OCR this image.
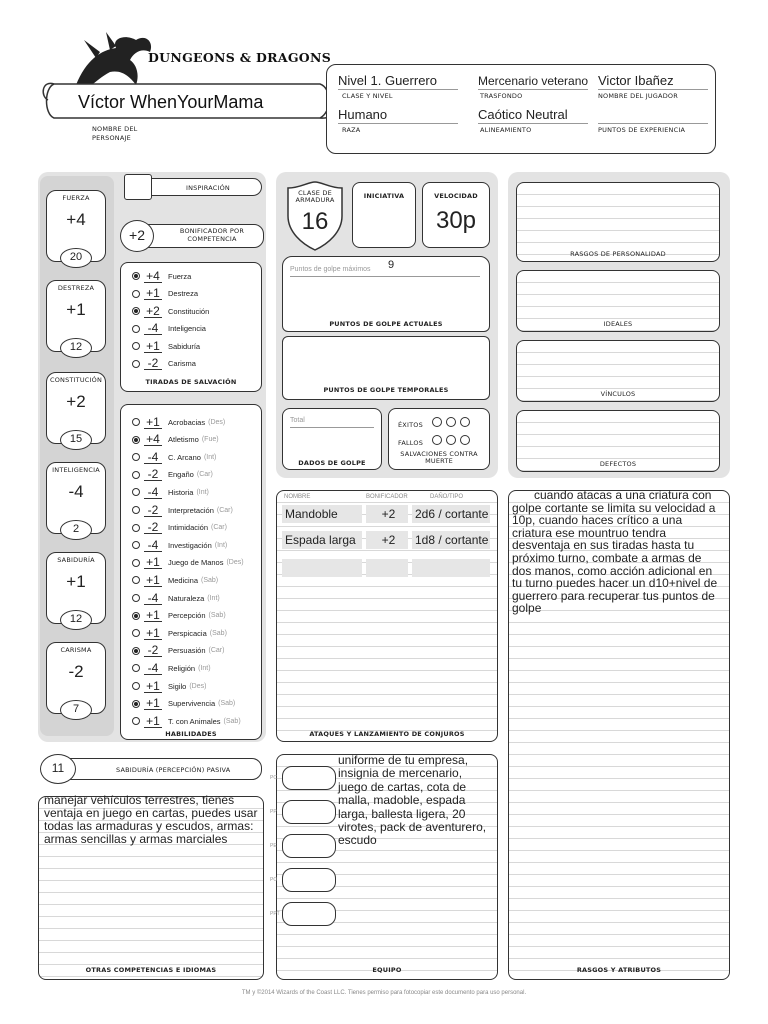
DUNGEONS & DRAGONS
Víctor WhenYourMama
NOMBRE DEL PERSONAJE
Nivel 1. Guerrero
CLASE Y NIVEL
Mercenario veterano
TRASFONDO
Victor Ibañez
NOMBRE DEL JUGADOR
Humano
RAZA
Caótico Neutral
ALINEAMIENTO	PUNTOS DE EXPERIENCIA
FUERZA
+4
20
DESTREZA
+1
12
CONSTITUCIÓN
+2
15
INTELIGENCIA
-4
2
SABIDURÍA
+1
12
CARISMA
-2
7
INSPIRACIÓN
+2	BONIFICADOR POR COMPETENCIA
+4 Fuerza
+1 Destreza
+2 Constitución
-4	Inteligencia
+1 Sabiduría
-2	Carisma
TIRADAS DE SALVACIÓN
+1 Acrobacias (Des)
+4 Atletismo (Fue)
-4	C. Arcano (Int)
-2	Engaño (Car)
-4	Historia (Int)
-2	Interpretación (Car)
-2	Intimidación (Car)
-4	Investigación (Int)
+1 Juego de Manos (Des)
+1 Medicina (Sab)
-4	Naturaleza (Int)
+1 Percepción (Sab)
+1 Perspicacia (Sab)
-2	Persuasión (Car)
-4	Religión (Int)
+1 Sigilo (Des)
+1 Supervivencia (Sab)
+1 T. con Animales (Sab)
HABILIDADES
11	SABIDURÍA (PERCEPCIÓN) PASIVA
manejar vehículos terrestres, tienes ventaja en juego en cartas, puedes usar todas las armaduras y escudos, armas: armas sencillas y armas marciales
OTRAS COMPETENCIAS E IDIOMAS
CLASE DE ARMADURA
16
INICIATIVA	VELOCIDAD
30p
Puntos de golpe máximos 9
PUNTOS DE GOLPE ACTUALES
PUNTOS DE GOLPE TEMPORALES
Total
DADOS DE GOLPE
ÉXITOS
FALLOS
SALVACIONES CONTRA MUERTE
NOMBRE	BONIFICADOR	DAÑO/TIPO
Mandoble	+2	2d6 / cortante
Espada larga	+2	1d8 / cortante
ATAQUES Y LANZAMIENTO DE CONJUROS
PC
PP
PE
PO
PPT
uniforme de tu empresa, insignia de mercenario, juego de cartas, cota de malla, madoble, espada larga, ballesta ligera, 20 virotes, pack de aventurero, escudo
EQUIPO
RASGOS DE PERSONALIDAD
IDEALES
VÍNCULOS
DEFECTOS
cuando atacas a una criatura con golpe cortante se limita su velocidad a 10p, cuando haces crítico a una criatura ese mountruo tendra desventaja en sus tiradas hasta tu próximo turno, combate a armas de dos manos, como acción adicional en tu turno puedes hacer un d10+nivel de guerrero para recuperar tus puntos de golpe
RASGOS Y ATRIBUTOS
TM y ©2014 Wizards of the Coast LLC. Tienes permiso para fotocopiar este documento para uso personal.
